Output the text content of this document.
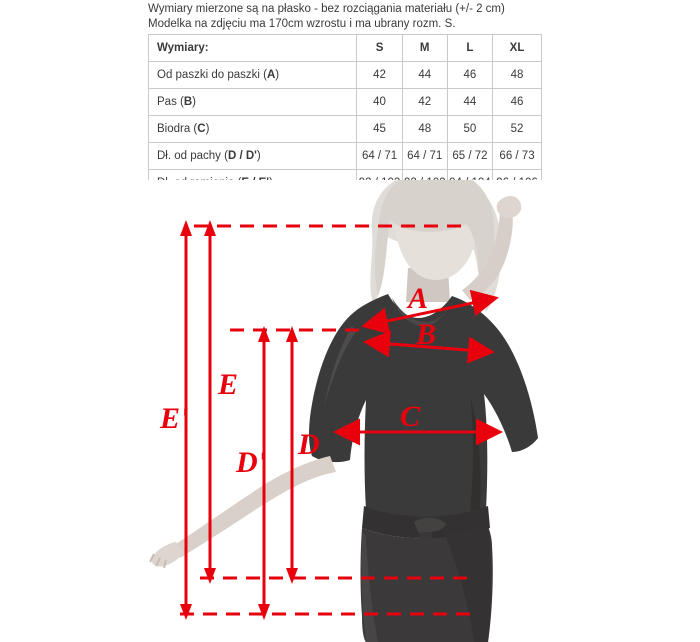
Wymiary mierzone są na płasko - bez rozciągania materiału (+/- 2 cm)
Modelka na zdjęciu ma 170cm wzrostu i ma ubrany rozm. S.
Wymiary:	S	M	L	XL
Od paszki do paszki (A)	42	44	46	48
Pas (B)	40	42	44	46
Biodra (C)	45	48	50	52
Dł. od pachy (D / D')	64 / 71	64 / 71	65 / 72	66 / 73

E'
E
D'
D
A
B
C
